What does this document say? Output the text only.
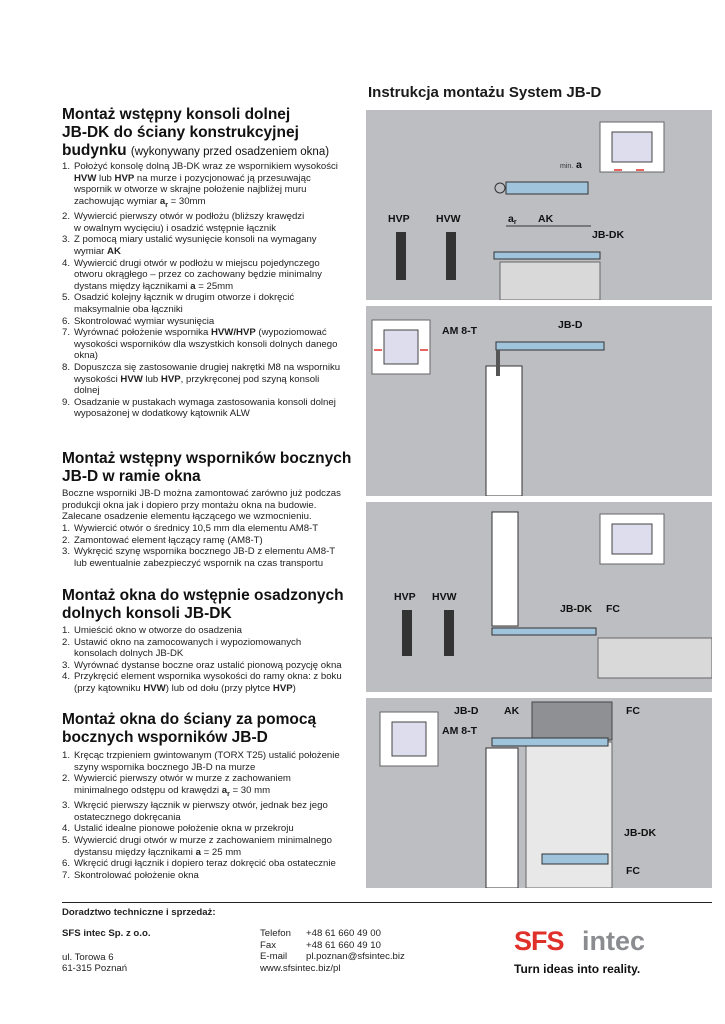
Montaż wstępny konsoli dolnej
JB-DK do ściany konstrukcyjnej
budynku (wykonywany przed osadzeniem okna)
1. Położyć konsolę dolną JB-DK wraz ze wspornikiem wysokości
HVW lub HVP na murze i pozycjonować ją przesuwając
wspornik w otworze w skrajne położenie najbliżej muru
zachowując wymiar $a_r = 30mm$
2. Wywiercić pierwszy otwór w podłożu (bliższy krawędzi
w owalnym wycięciu) i osadzić wstępnie łącznik
3. Z pomocą miary ustalić wysunięcie konsoli na wymagany
wymiar AK
4. Wywiercić drugi otwór w podłożu w miejscu pojedynczego
otworu okrągłego – przez co zachowany będzie minimalny
dystans między łącznikami a = 25mm
5. Osadzić kolejny łącznik w drugim otworze i dokręcić
maksymalnie oba łączniki
6. Skontrolować wymiar wysunięcia
7. Wyrównać położenie wspornika HVW/HVP (wypoziomować
wysokości wsporników dla wszystkich konsoli dolnych danego
okna)
8. Dopuszcza się zastosowanie drugiej nakrętki M8 na wsporniku
wysokości HVW lub HVP, przykręconej pod szyną konsoli
dolnej
9. Osadzanie w pustakach wymaga zastosowania konsoli dolnej
wyposażonej w dodatkowy kątownik ALW
Montaż wstępny wsporników bocznych
JB-D w ramie okna
Boczne wsporniki JB-D można zamontować zarówno już podczas
produkcji okna jak i dopiero przy montażu okna na budowie.
Zalecane osadzenie elementu łączącego we wzmocnieniu.
1. Wywiercić otwór o średnicy 10,5 mm dla elementu AM8-T
2. Zamontować element łączący ramę (AM8-T)
3. Wykręcić szynę wspornika bocznego JB-D z elementu AM8-T
lub ewentualnie zabezpieczyć wspornik na czas transportu
Montaż okna do wstępnie osadzonych
dolnych konsoli JB-DK
1. Umieścić okno w otworze do osadzenia
2. Ustawić okno na zamocowanych i wypoziomowanych
konsolach dolnych JB-DK
3. Wyrównać dystanse boczne oraz ustalić pionową pozycję okna
4. Przykręcić element wspornika wysokości do ramy okna: z boku
(przy kątowniku HVW) lub od dołu (przy płytce HVP)
Montaż okna do ściany za pomocą
bocznych wsporników JB-D
1. Kręcąc trzpieniem gwintowanym (TORX T25) ustalić położenie
szyny wspornika bocznego JB-D na murze
2. Wywiercić pierwszy otwór w murze z zachowaniem
minimalnego odstępu od krawędzi $a_r = 30$ mm
3. Wkręcić pierwszy łącznik w pierwszy otwór, jednak bez jego
ostatecznego dokręcania
4. Ustalić idealne pionowe położenie okna w przekroju
5. Wywiercić drugi otwór w murze z zachowaniem minimalnego
dystansu między łącznikami a = 25 mm
6. Wkręcić drugi łącznik i dopiero teraz dokręcić oba ostatecznie
7. Skontrolować położenie okna
Instrukcja montażu System JB-D
min. a
HVP	HVW	ar AK
JB-DK
AM 8-T	JB-D
HVP HVW
JB-DK FC
JB-D AK	FC
AM 8-T
JB-DK
FC
Doradztwo techniczne i sprzedaż:
SFS intec Sp. z o.o.
ul. Torowa 6
61-315 Poznań
Telefon +48 61 660 49 00
Fax	+48 61 660 49 10
E-mail pl.poznan@sfsintec.biz
www.sfsintec.biz/pl
SFS intec
Turn ideas into reality.
